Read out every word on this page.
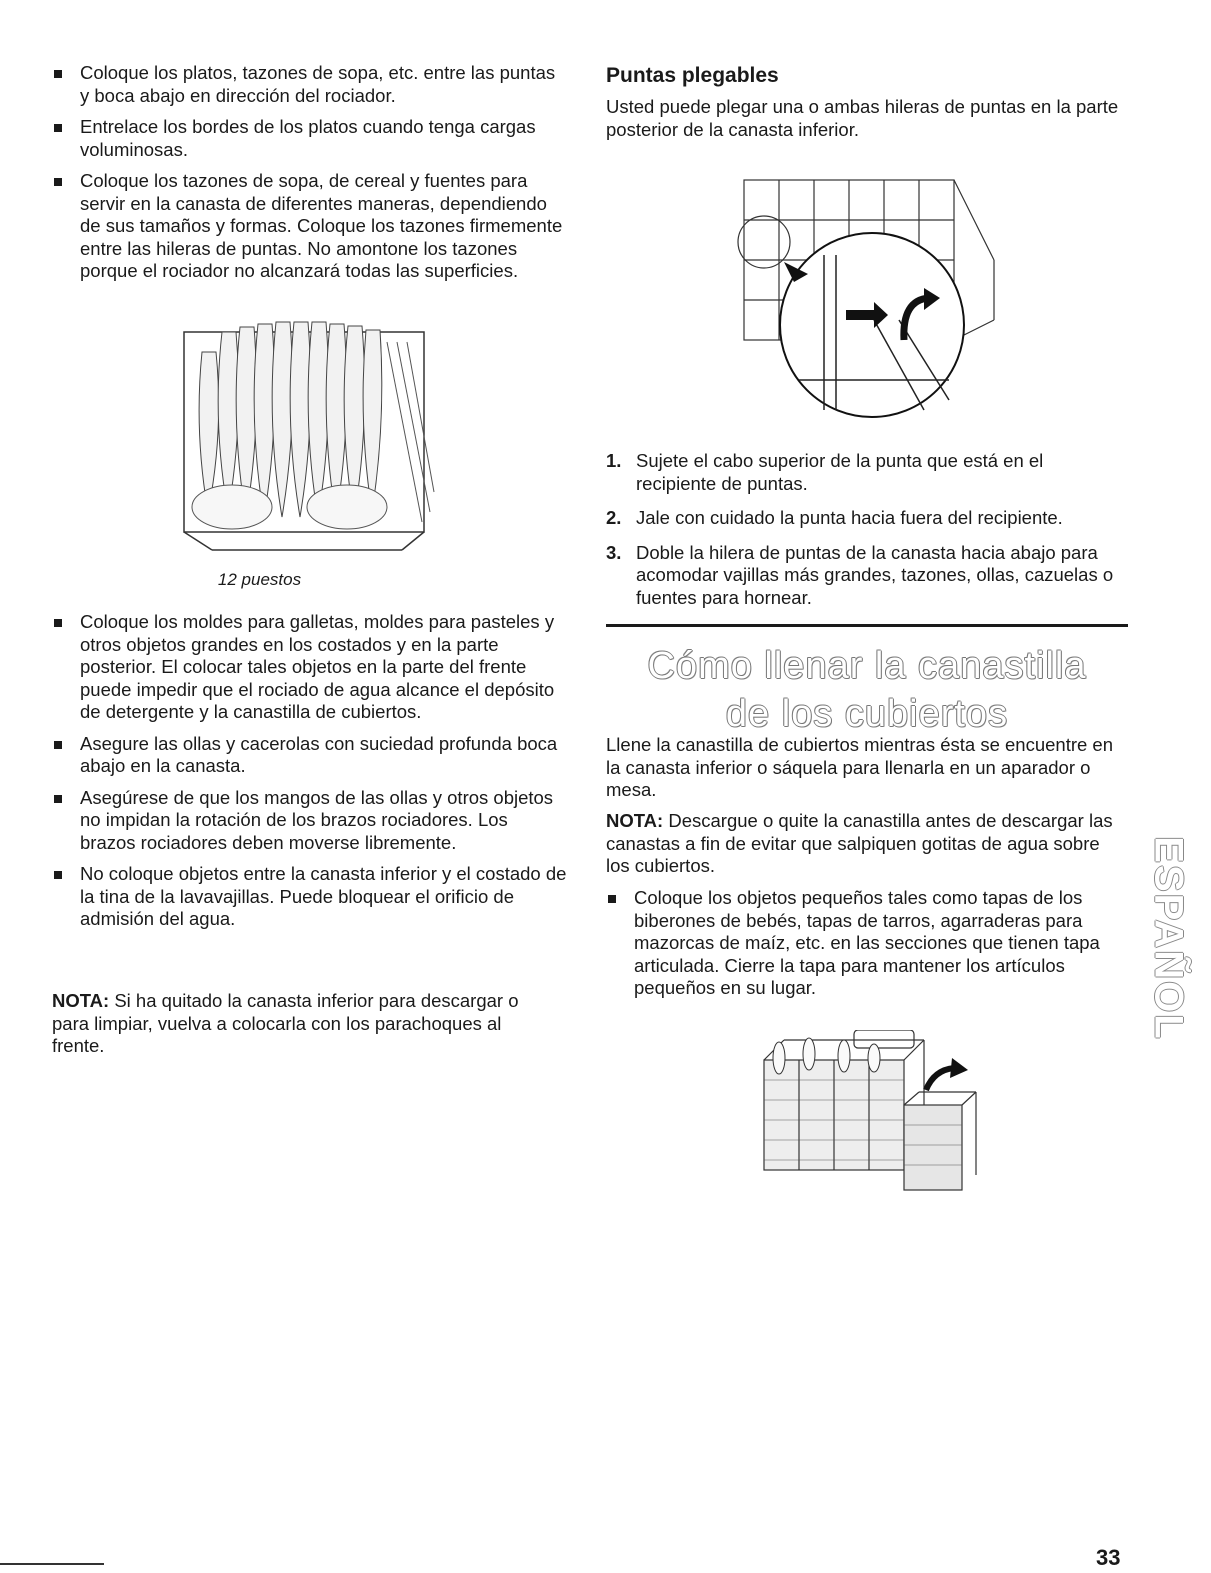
Coloque los platos, tazones de sopa, etc. entre las puntas y boca abajo en dirección del rociador.
Entrelace los bordes de los platos cuando tenga cargas voluminosas.
Coloque los tazones de sopa, de cereal y fuentes para servir en la canasta de diferentes maneras, dependiendo de sus tamaños y formas. Coloque los tazones firmemente entre las hileras de puntas. No amontone los tazones porque el rociador no alcanzará todas las superficies.

12 puestos

Coloque los moldes para galletas, moldes para pasteles y otros objetos grandes en los costados y en la parte posterior. El colocar tales objetos en la parte del frente puede impedir que el rociado de agua alcance el depósito de detergente y la canastilla de cubiertos.
Asegure las ollas y cacerolas con suciedad profunda boca abajo en la canasta.
Asegúrese de que los mangos de las ollas y otros objetos no impidan la rotación de los brazos rociadores. Los brazos rociadores deben moverse libremente.
No coloque objetos entre la canasta inferior y el costado de la tina de la lavavajillas. Puede bloquear el orificio de admisión del agua.

NOTA: Si ha quitado la canasta inferior para descargar o para limpiar, vuelva a colocarla con los parachoques al frente.

Puntas plegables

Usted puede plegar una o ambas hileras de puntas en la parte posterior de la canasta inferior.

1. Sujete el cabo superior de la punta que está en el recipiente de puntas.
2. Jale con cuidado la punta hacia fuera del recipiente.
3. Doble la hilera de puntas de la canasta hacia abajo para acomodar vajillas más grandes, tazones, ollas, cazuelas o fuentes para hornear.

Cómo llenar la canastilla

de los cubiertos

Llene la canastilla de cubiertos mientras ésta se encuentre en la canasta inferior o sáquela para llenarla en un aparador o mesa.

NOTA: Descargue o quite la canastilla antes de descargar las canastas a fin de evitar que salpiquen gotitas de agua sobre los cubiertos.

Coloque los objetos pequeños tales como tapas de los biberones de bebés, tapas de tarros, agarraderas para mazorcas de maíz, etc. en las secciones que tienen tapa articulada. Cierre la tapa para mantener los artículos pequeños en su lugar.	ESPAÑOL
33
